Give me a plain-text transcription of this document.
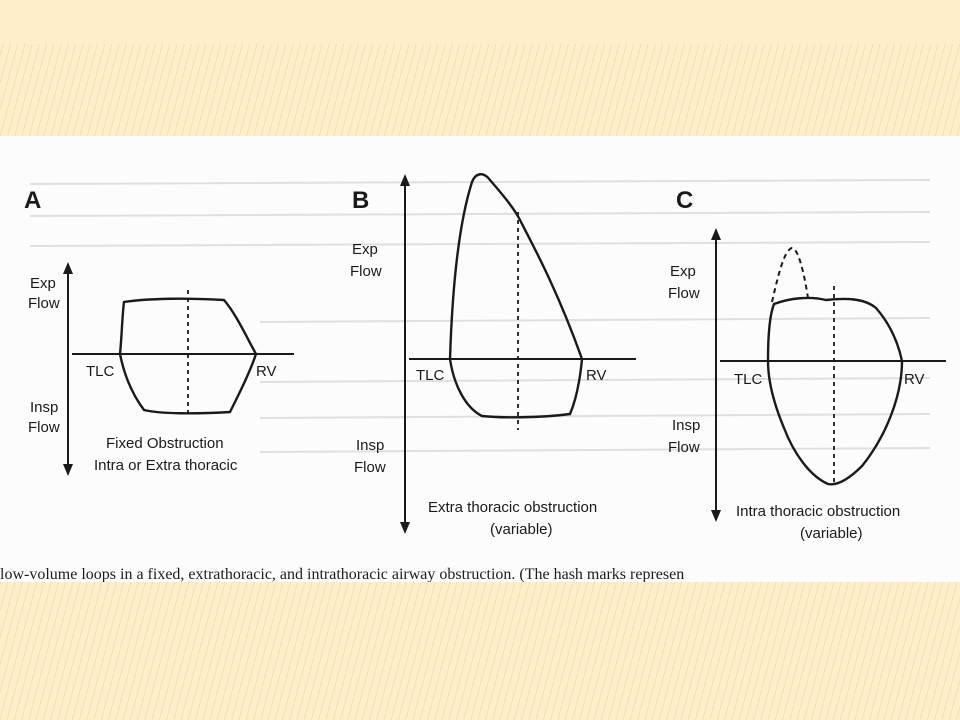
A
Exp
Flow
TLC	RV
Insp
Flow
Fixed Obstruction
Intra or Extra thoracic
B
Exp
Flow
TLC	RV
Insp
Flow
Extra thoracic obstruction
(variable)
C
Exp
Flow
TLC	RV
Insp
Flow
Intra thoracic obstruction
(variable)
low-volume loops in a fixed, extrathoracic, and intrathoracic airway obstruction. (The hash marks represen
